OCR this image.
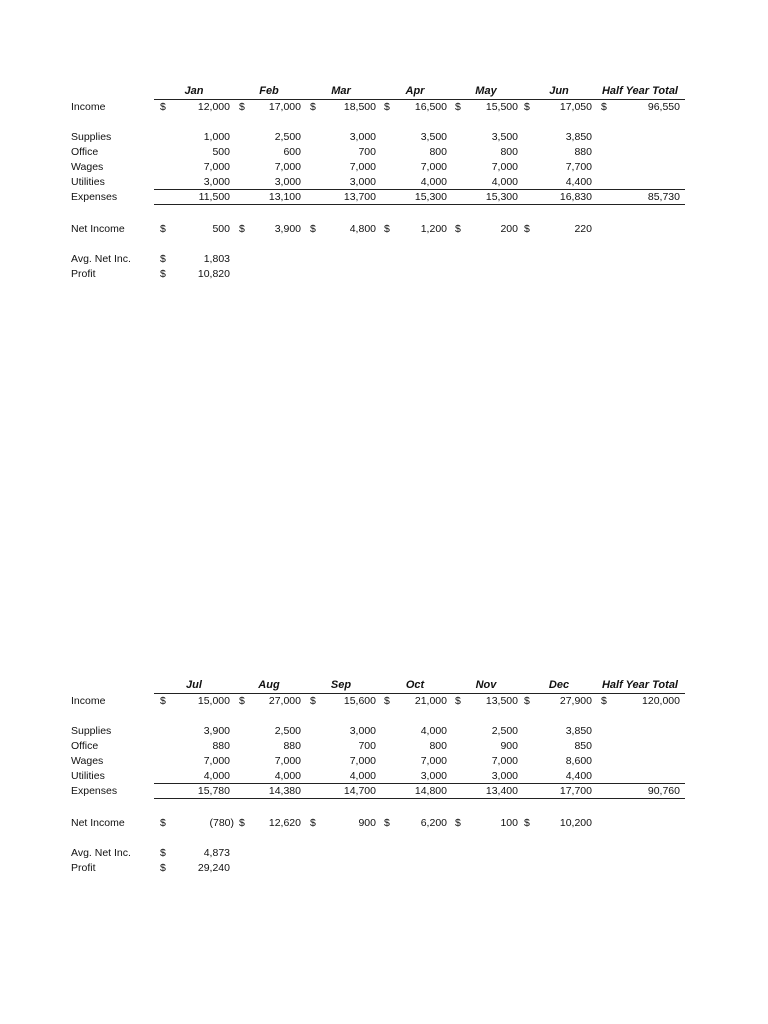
Jan	Feb	Mar	Apr	May	Jun	Half Year Total
Income	$	12,000 $	17,000 $	18,500 $	16,500 $	15,500 $	17,050 $	96,550
Supplies	1,000	2,500	3,000	3,500	3,500	3,850
Office	500	600	700	800	800	880
Wages	7,000	7,000	7,000	7,000	7,000	7,700
Utilities	3,000	3,000	3,000	4,000	4,000	4,400
Expenses	11,500	13,100	13,700	15,300	15,300	16,830	85,730
Net Income	$	500 $	3,900 $	4,800 $	1,200 $	200 $	220
Avg. Net Inc.	$	1,803
Profit	$	10,820
Jul	Aug	Sep	Oct	Nov	Dec	Half Year Total
Income	$	15,000 $	27,000 $	15,600 $	21,000 $	13,500 $	27,900 $	120,000
Supplies	3,900	2,500	3,000	4,000	2,500	3,850
Office	880	880	700	800	900	850
Wages	7,000	7,000	7,000	7,000	7,000	8,600
Utilities	4,000	4,000	4,000	3,000	3,000	4,400
Expenses	15,780	14,380	14,700	14,800	13,400	17,700	90,760
Net Income	$	(780) $	12,620 $	900 $	6,200 $	100 $	10,200
Avg. Net Inc.	$	4,873
Profit	$	29,240
